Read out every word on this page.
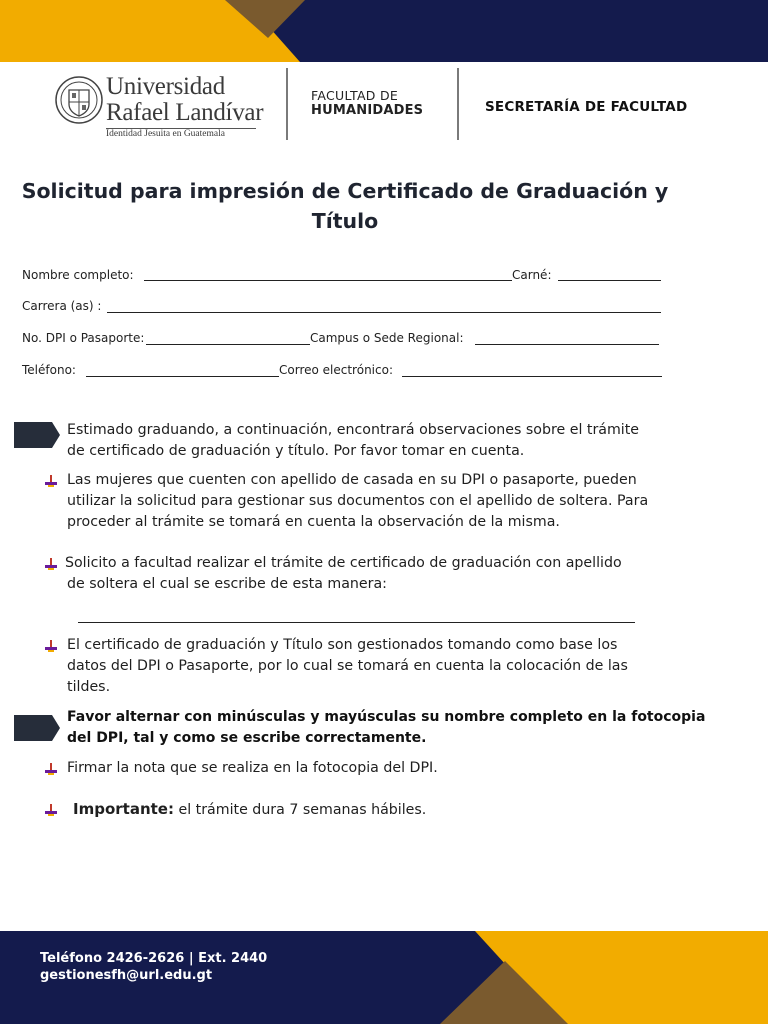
Universidad
Rafael Landívar
Identidad Jesuita en Guatemala
FACULTAD DE
HUMANIDADES	SECRETARÍA DE FACULTAD
Solicitud para impresión de Certificado de Graduación y
Título
Nombre completo:	Carné:
Carrera (as) :
No. DPI o Pasaporte:	Campus o Sede Regional:
Teléfono:	Correo electrónico:
Estimado graduando, a continuación, encontrará observaciones sobre el trámite
de certificado de graduación y título. Por favor tomar en cuenta.
Las mujeres que cuenten con apellido de casada en su DPI o pasaporte, pueden
utilizar la solicitud para gestionar sus documentos con el apellido de soltera. Para
proceder al trámite se tomará en cuenta la observación de la misma.
Solicito a facultad realizar el trámite de certificado de graduación con apellido
de soltera el cual se escribe de esta manera:
El certificado de graduación y Título son gestionados tomando como base los
datos del DPI o Pasaporte, por lo cual se tomará en cuenta la colocación de las
tildes.
Favor alternar con minúsculas y mayúsculas su nombre completo en la fotocopia
del DPI, tal y como se escribe correctamente.
Firmar la nota que se realiza en la fotocopia del DPI.
Importante: el trámite dura 7 semanas hábiles.
Teléfono 2426-2626 | Ext. 2440
gestionesfh@url.edu.gt
